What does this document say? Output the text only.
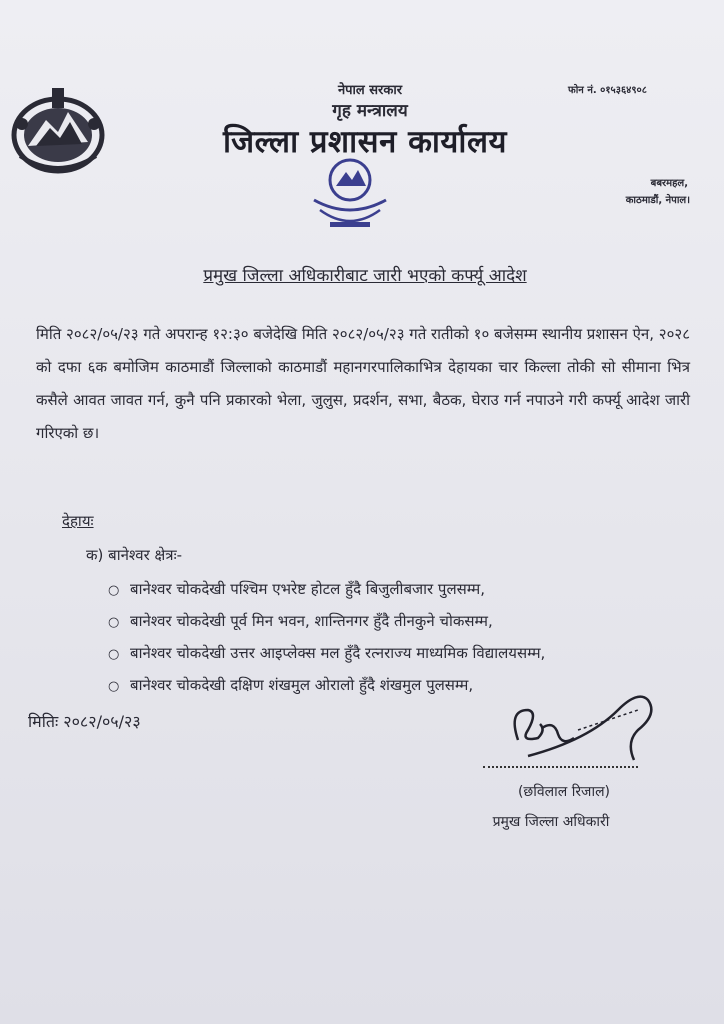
नेपाल सरकार
गृह मन्त्रालय
जिल्ला प्रशासन कार्यालय
फोन नं. ०१५३६४९०८
बबरमहल,
काठमाडौं, नेपाल।
प्रमुख जिल्ला अधिकारीबाट जारी भएको कर्फ्यू आदेश
मिति २०८२/०५/२३ गते अपरान्ह १२:३० बजेदेखि मिति २०८२/०५/२३ गते रातीको १० बजेसम्म स्थानीय प्रशासन ऐन, २०२८ को दफा ६क बमोजिम काठमाडौं जिल्लाको काठमाडौं महानगरपालिकाभित्र देहायका चार किल्ला तोकी सो सीमाना भित्र कसैले आवत जावत गर्न, कुनै पनि प्रकारको भेला, जुलुस, प्रदर्शन, सभा, बैठक, घेराउ गर्न नपाउने गरी कर्फ्यू आदेश जारी गरिएको छ।
देहायः
क) बानेश्वर क्षेत्रः-
○ बानेश्वर चोकदेखी पश्चिम एभरेष्ट होटल हुँदै बिजुलीबजार पुलसम्म,
○ बानेश्वर चोकदेखी पूर्व मिन भवन, शान्तिनगर हुँदै तीनकुने चोकसम्म,
○ बानेश्वर चोकदेखी उत्तर आइप्लेक्स मल हुँदै रत्नराज्य माध्यमिक विद्यालयसम्म,
○ बानेश्वर चोकदेखी दक्षिण शंखमुल ओरालो हुँदै शंखमुल पुलसम्म,
मितिः २०८२/०५/२३
(छविलाल रिजाल)
प्रमुख जिल्ला अधिकारी
